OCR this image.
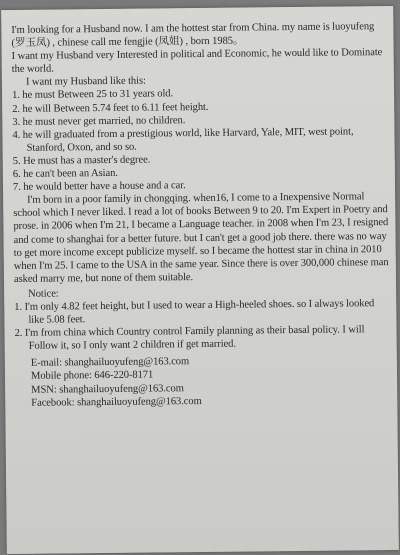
I'm looking for a Husband now. I am the hottest star from China. my name is luoyufeng (罗玉凤) , chinese call me fengjie (凤姐) , born 1985。

I want my Husband very Interested in political and Economic, he would like to Dominate the world.

I want my Husband like this:

1. he must Between 25 to 31 years old.

2. he will Between 5.74 feet to 6.11 feet height.

3. he must never get married, no children.

4. he will graduated from a prestigious world, like Harvard, Yale, MIT, west point, Stanford, Oxon, and so so.

5. He must has a master's degree.

6. he can't been an Asian.

7. he would better have a house and a car.

I'm born in a poor family in chongqing. when16, I come to a Inexpensive Normal school which I never liked. I read a lot of books Between 9 to 20. I'm Expert in Poetry and prose. in 2006 when I'm 21, I became a Language teacher. in 2008 when I'm 23, I resigned and come to shanghai for a better future. but I can't get a good job there. there was no way to get more income except publicize myself. so I became the hottest star in china in 2010 when I'm 25. I came to the USA in the same year. Since there is over 300,000 chinese man asked marry me, but none of them suitable.

Notice:

1. I'm only 4.82 feet height, but I used to wear a High-heeled shoes. so I always looked like 5.08 feet.

2. I'm from china which Country control Family planning as their basal policy. I will Follow it, so I only want 2 children if get married.

E-mail: shanghailuoyufeng@163.com

Mobile phone: 646-220-8171

MSN: shanghailuoyufeng@163.com

Facebook: shanghailuoyufeng@163.com
